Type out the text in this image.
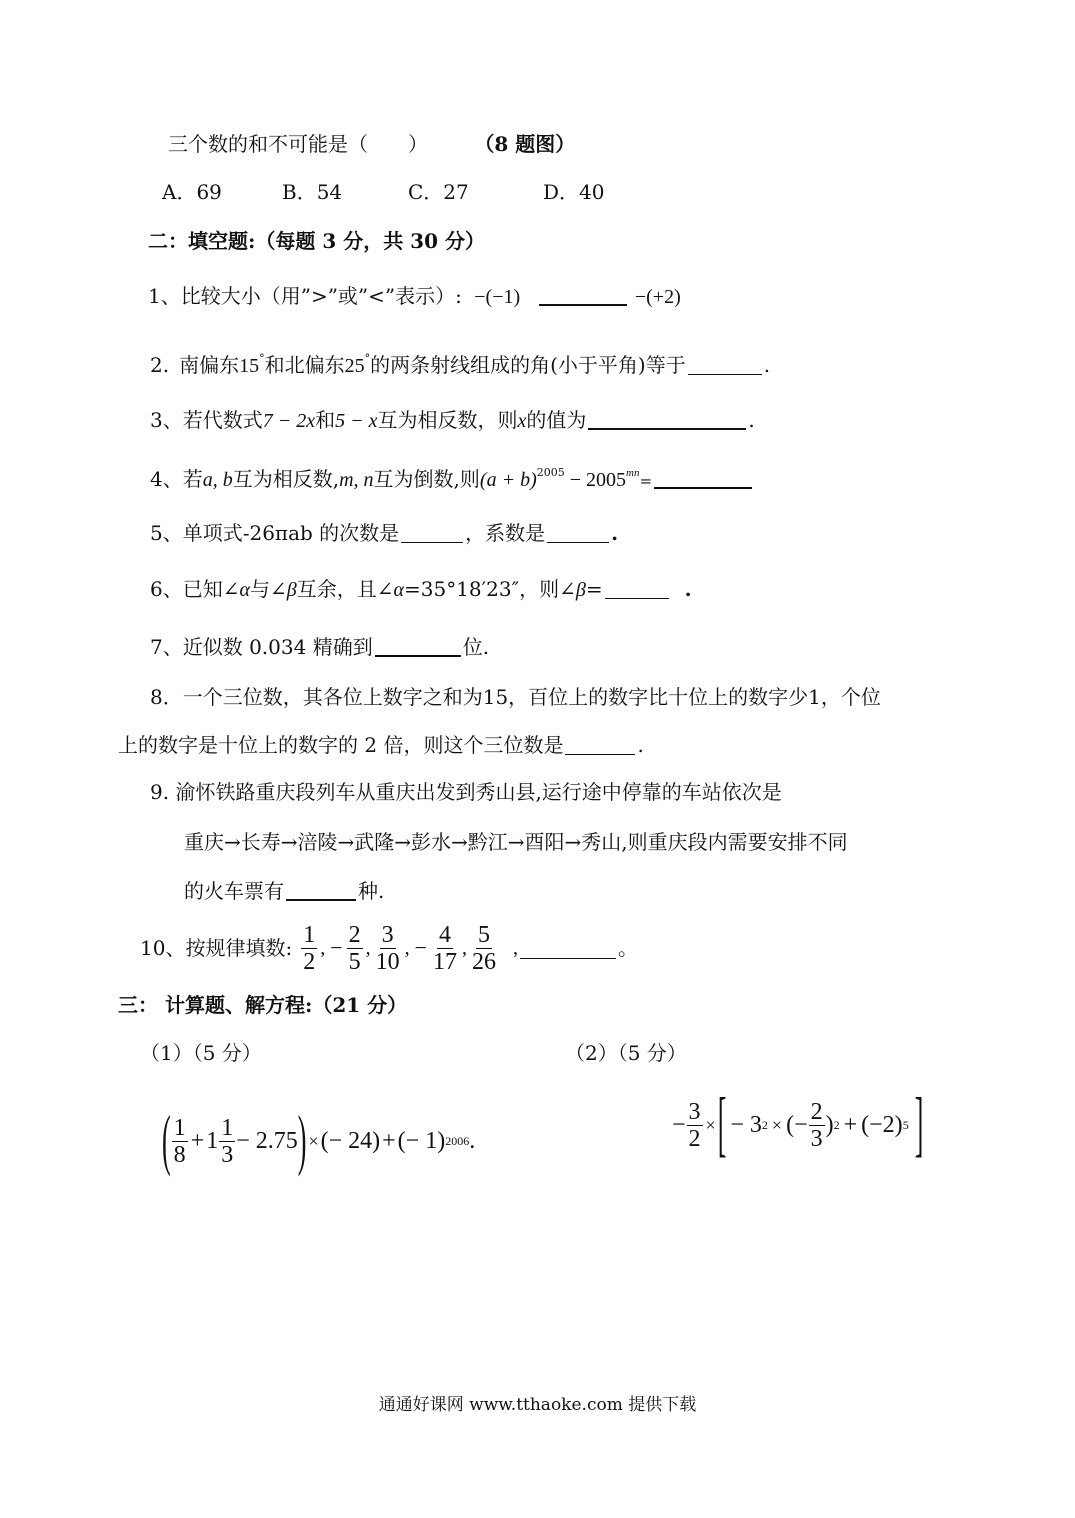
三个数的和不可能是（　　） （8 题图）
A．69	B．54	C．27	D．40
二：填空题:（每题 3 分，共 30 分）
1、比较大小（用”>”或”<”表示）: −(−1)	−(+2)
2. 南偏东15°和北偏东25°的两条射线组成的角(小于平角)等于	.
3、若代数式7 − 2x和5 − x互为相反数，则x的值为	.
4、若a, b互为相反数,m, n互为倒数,则$(a + b)^{2005} - 2005^{mn}=$
5、单项式-26πab 的次数是	，系数是	.
6、已知∠α与∠β互余，且∠α=35°18′23″，则∠β=	.
7、近似数 0.034 精确到	位.
8．一个三位数，其各位上数字之和为15，百位上的数字比十位上的数字少1，个位
上的数字是十位上的数字的 2 倍，则这个三位数是	.
9. 渝怀铁路重庆段列车从重庆出发到秀山县,运行途中停靠的车站依次是
重庆→长寿→涪陵→武隆→彭水→黔江→酉阳→秀山,则重庆段内需要安排不同
的火车票有	种.
10、按规律填数: $\frac{1}{2}$ , − $\frac{2}{5}$ , $\frac{3}{10}$ , − $\frac{4}{17}$ , $\frac{5}{26}$ ,	。
三： 计算题、解方程:（21 分）
（1）（5 分）	（2）（5 分）
( $\frac{1}{8} + 1 \frac{1}{3} - 2.75$ ) × (− 24) + (− 1) 2006 .
− $\frac{3}{2}$ × [ − 3 2 × (− $\frac{2}{3}$ ) 2 + (−2) 5 ]
通通好课网 www.tthaoke.com 提供下载
